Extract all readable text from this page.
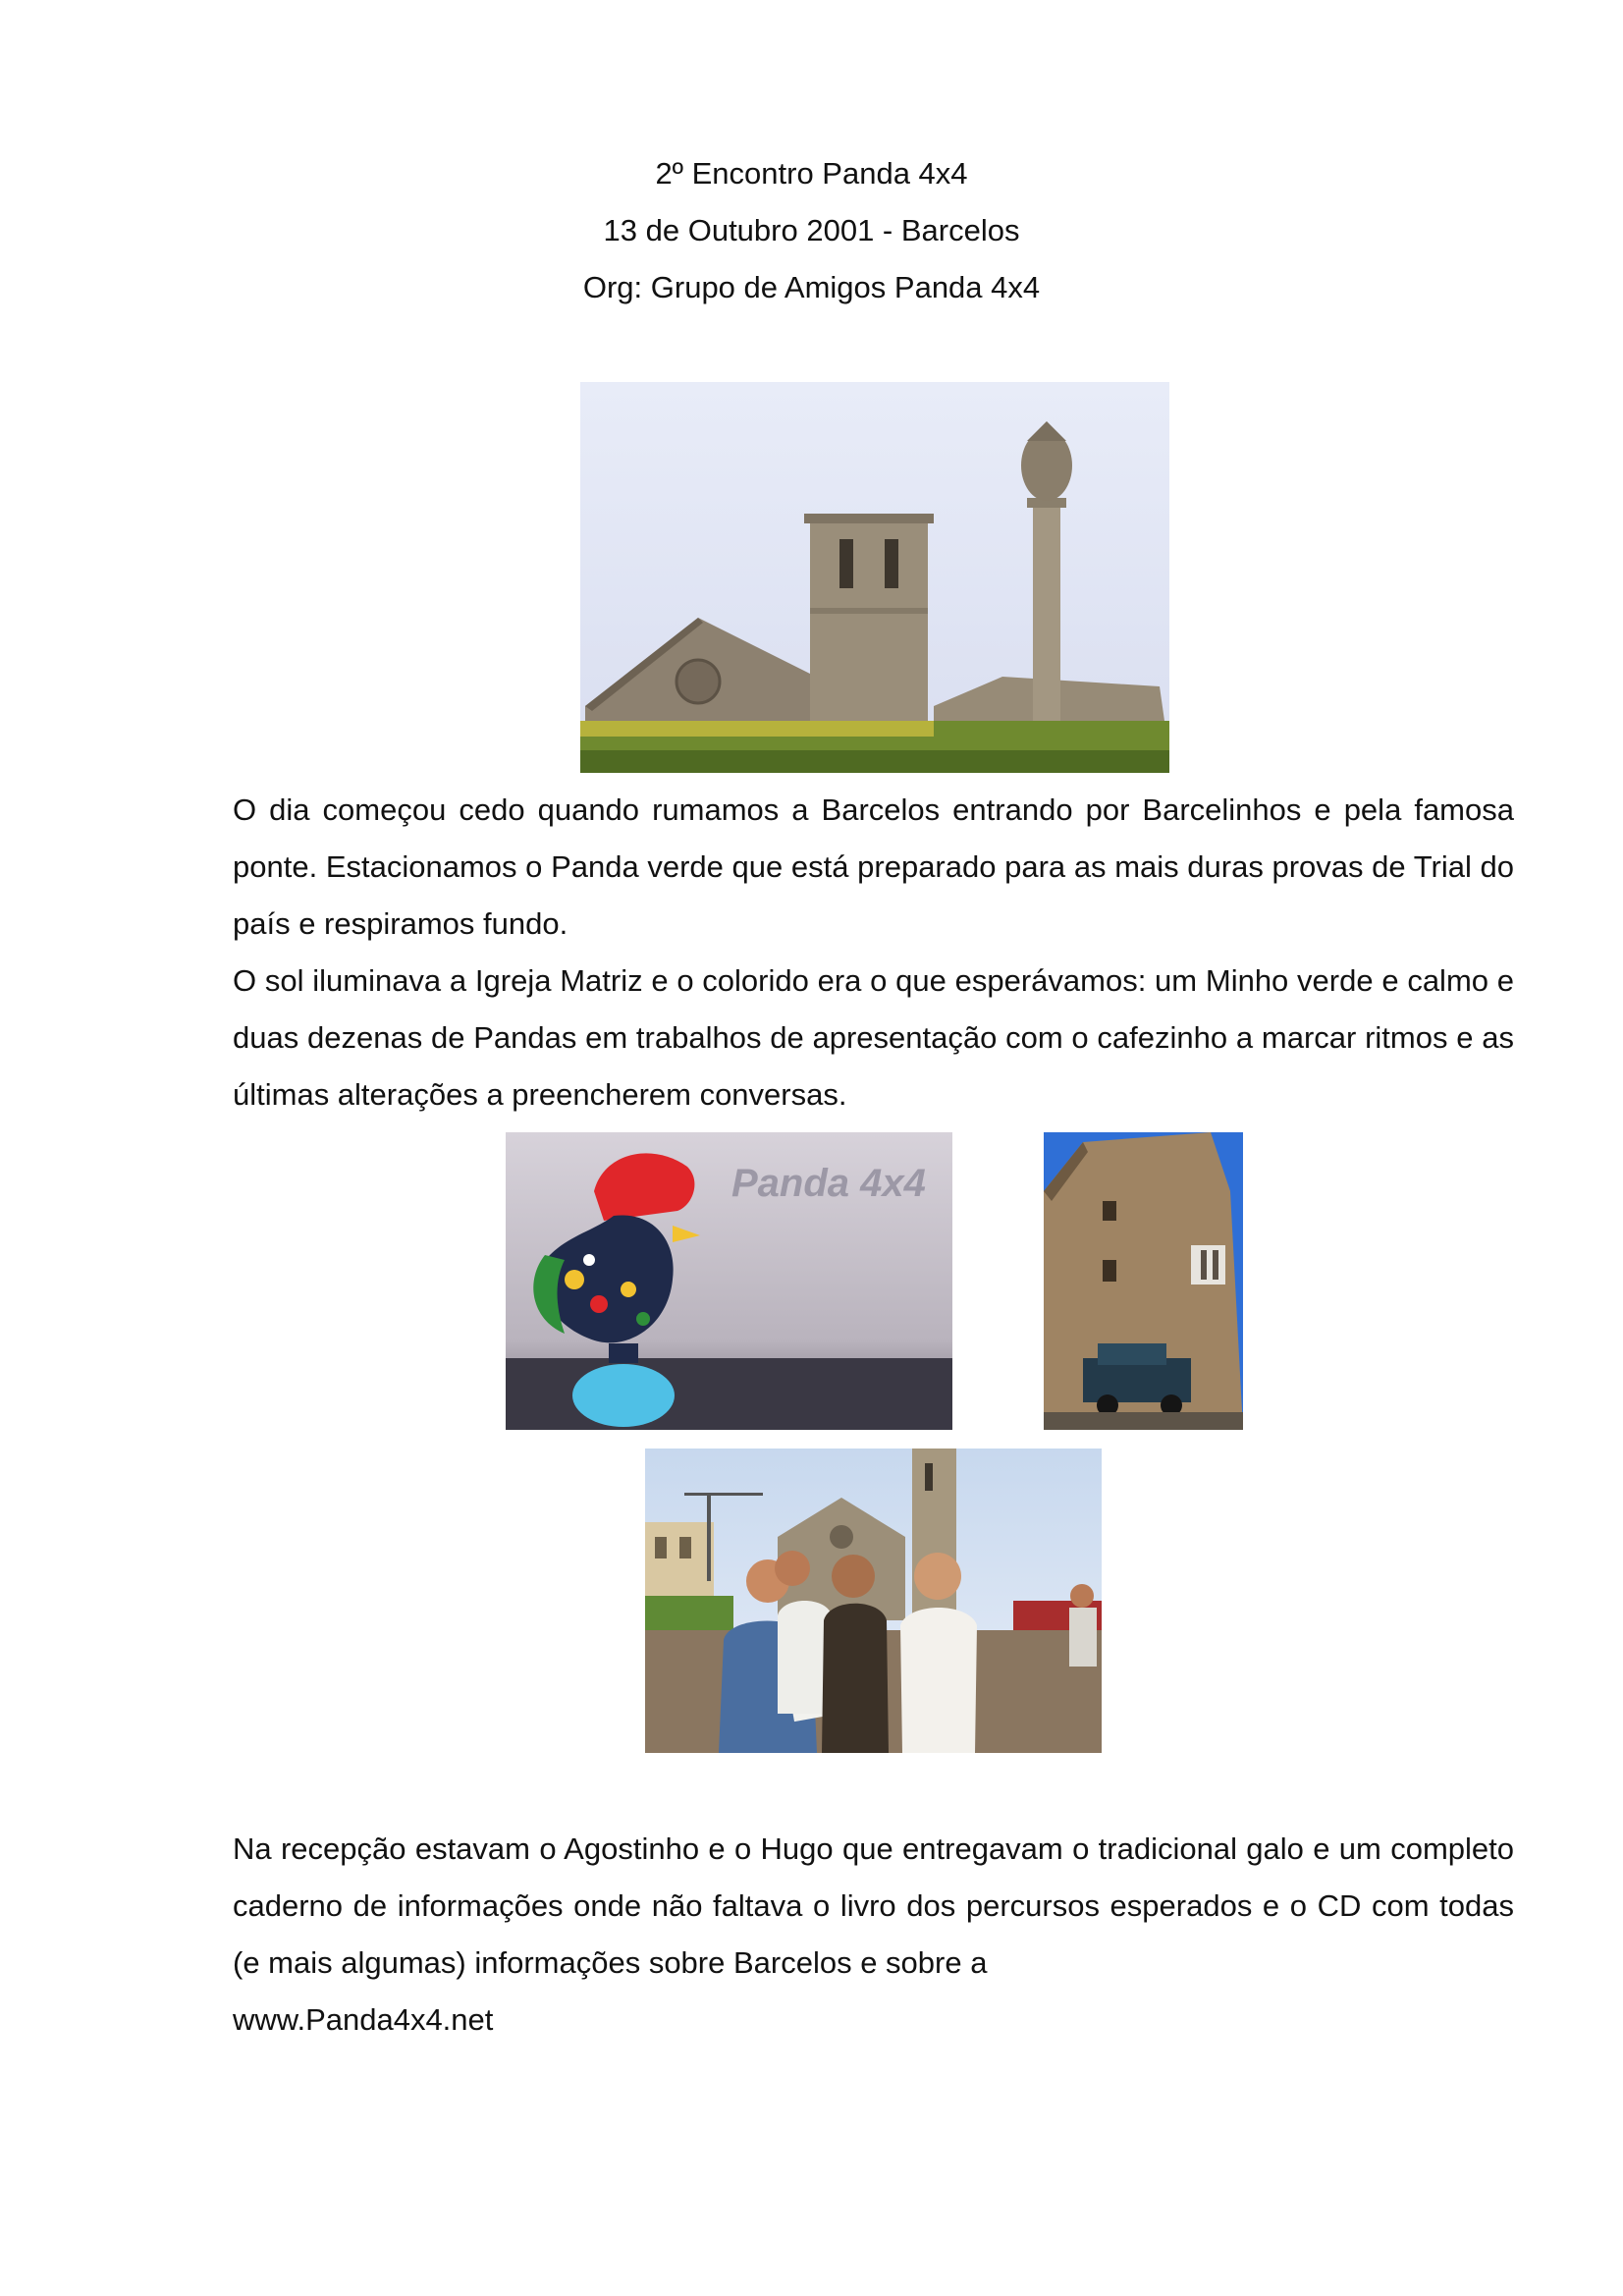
2º Encontro Panda 4x4
13 de Outubro 2001 - Barcelos
Org: Grupo de Amigos Panda 4x4

O dia começou cedo quando rumamos a Barcelos entrando por Barcelinhos e pela famosa ponte. Estacionamos o Panda verde que está preparado para as mais duras provas de Trial do país e respiramos fundo.

O sol iluminava a Igreja Matriz e o colorido era o que esperávamos: um Minho verde e calmo e duas dezenas de Pandas em trabalhos de apresentação com o cafezinho a marcar ritmos e as últimas alterações a preencherem conversas.

Panda 4x4

Na recepção estavam o Agostinho e o Hugo que entregavam o tradicional galo e um completo caderno de informações onde não faltava o livro dos percursos esperados e o CD com todas (e mais algumas) informações sobre Barcelos e sobre a

www.Panda4x4.net
